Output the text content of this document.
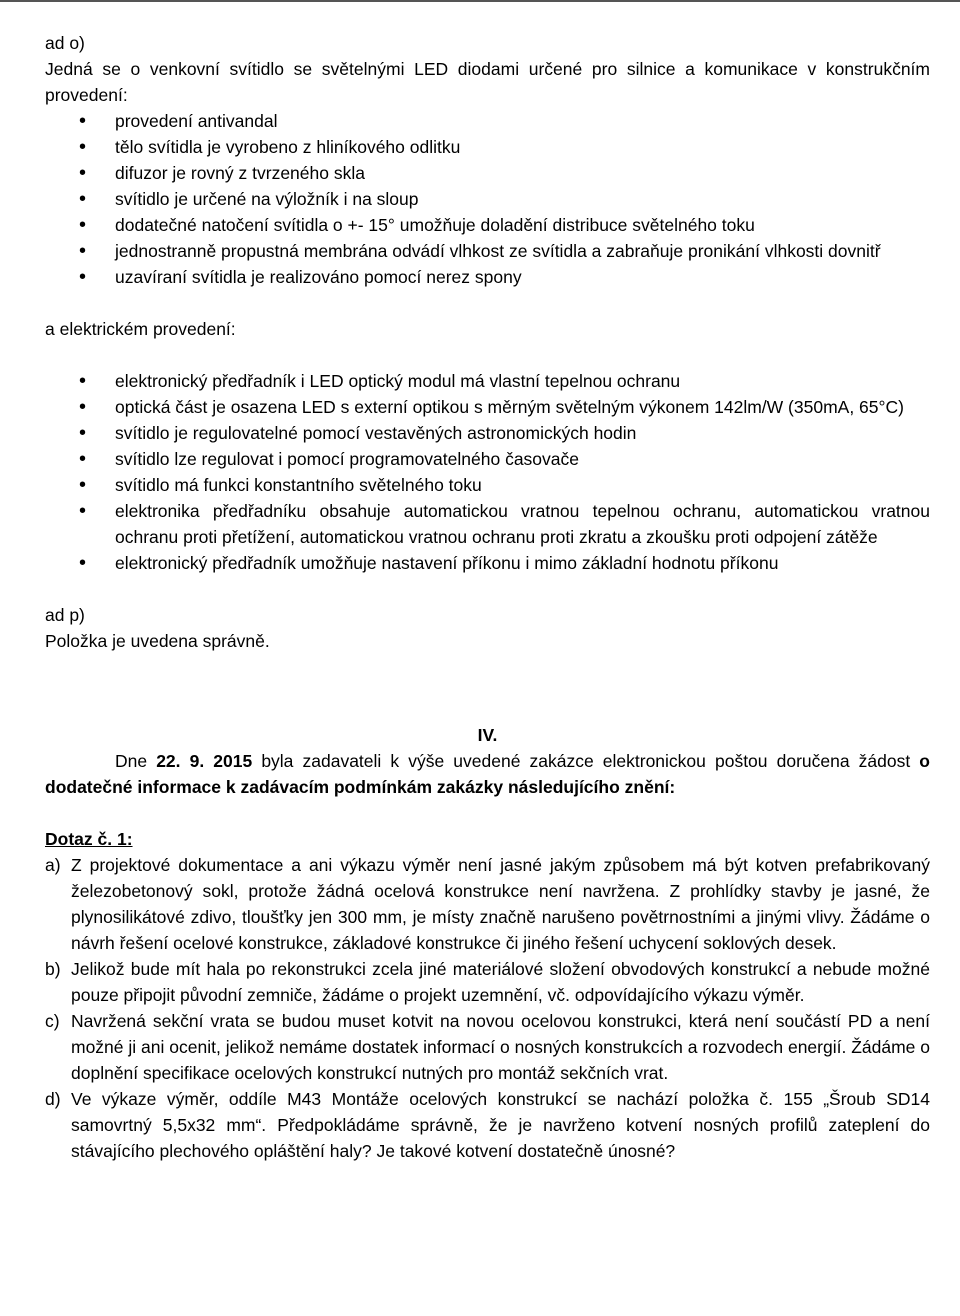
ad o)

Jedná se o venkovní svítidlo se světelnými LED diodami určené pro silnice a komunikace v konstrukčním provedení:

• provedení antivandal
• tělo svítidla je vyrobeno z hliníkového odlitku
• difuzor je rovný z tvrzeného skla
• svítidlo je určené na výložník i na sloup
• dodatečné natočení svítidla o +- 15° umožňuje doladění distribuce světelného toku
• jednostranně propustná membrána odvádí vlhkost ze svítidla a zabraňuje pronikání vlhkosti dovnitř
• uzavíraní svítidla je realizováno pomocí nerez spony

a elektrickém provedení:

• elektronický předřadník i LED optický modul má vlastní tepelnou ochranu
• optická část je osazena LED s externí optikou s měrným světelným výkonem 142lm/W (350mA, 65°C)
• svítidlo je regulovatelné pomocí vestavěných astronomických hodin
• svítidlo lze regulovat i pomocí programovatelného časovače
• svítidlo má funkci konstantního světelného toku
• elektronika předřadníku obsahuje automatickou vratnou tepelnou ochranu, automatickou vratnou ochranu proti přetížení, automatickou vratnou ochranu proti zkratu a zkoušku proti odpojení zátěže
• elektronický předřadník umožňuje nastavení příkonu i mimo základní hodnotu příkonu

ad p)

Položka je uvedena správně.

IV.

Dne 22. 9. 2015 byla zadavateli k výše uvedené zakázce elektronickou poštou doručena žádost o dodatečné informace k zadávacím podmínkám zakázky následujícího znění:

Dotaz č. 1:

a) Z projektové dokumentace a ani výkazu výměr není jasné jakým způsobem má být kotven prefabrikovaný železobetonový sokl, protože žádná ocelová konstrukce není navržena. Z prohlídky stavby je jasné, že plynosilikátové zdivo, tloušťky jen 300 mm, je místy značně narušeno povětrnostními a jinými vlivy. Žádáme o návrh řešení ocelové konstrukce, základové konstrukce či jiného řešení uchycení soklových desek.
b) Jelikož bude mít hala po rekonstrukci zcela jiné materiálové složení obvodových konstrukcí a nebude možné pouze připojit původní zemniče, žádáme o projekt uzemnění, vč. odpovídajícího výkazu výměr.
c) Navržená sekční vrata se budou muset kotvit na novou ocelovou konstrukci, která není součástí PD a není možné ji ani ocenit, jelikož nemáme dostatek informací o nosných konstrukcích a rozvodech energií. Žádáme o doplnění specifikace ocelových konstrukcí nutných pro montáž sekčních vrat.
d) Ve výkaze výměr, oddíle M43 Montáže ocelových konstrukcí se nachází položka č. 155 „Šroub SD14 samovrtný 5,5x32 mm“. Předpokládáme správně, že je navrženo kotvení nosných profilů zateplení do stávajícího plechového opláštění haly? Je takové kotvení dostatečně únosné?
